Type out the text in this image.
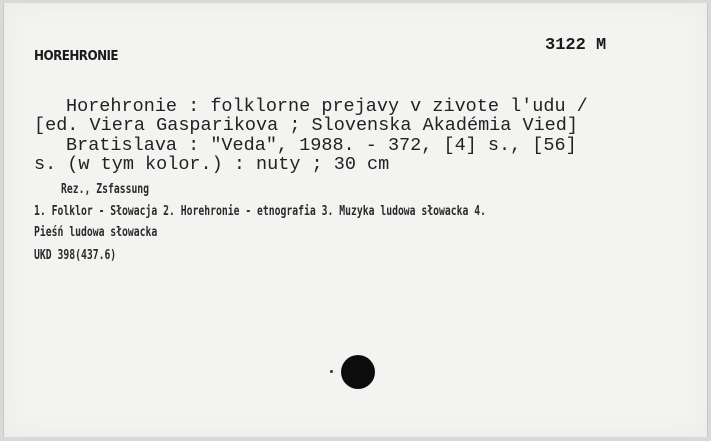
HOREHRONIE
3122 M
Horehronie : folklorne prejavy v zivote l'udu /
[ed. Viera Gasparikova ; Slovenska Akadémia Vied]
Bratislava : "Veda", 1988. - 372, [4] s., [56]
s. (w tym kolor.) : nuty ; 30 cm
Rez., Zsfassung
1. Folklor - Słowacja 2. Horehronie - etnografia 3. Muzyka ludowa słowacka 4.
Pieśń ludowa słowacka
UKD 398(437.6)
